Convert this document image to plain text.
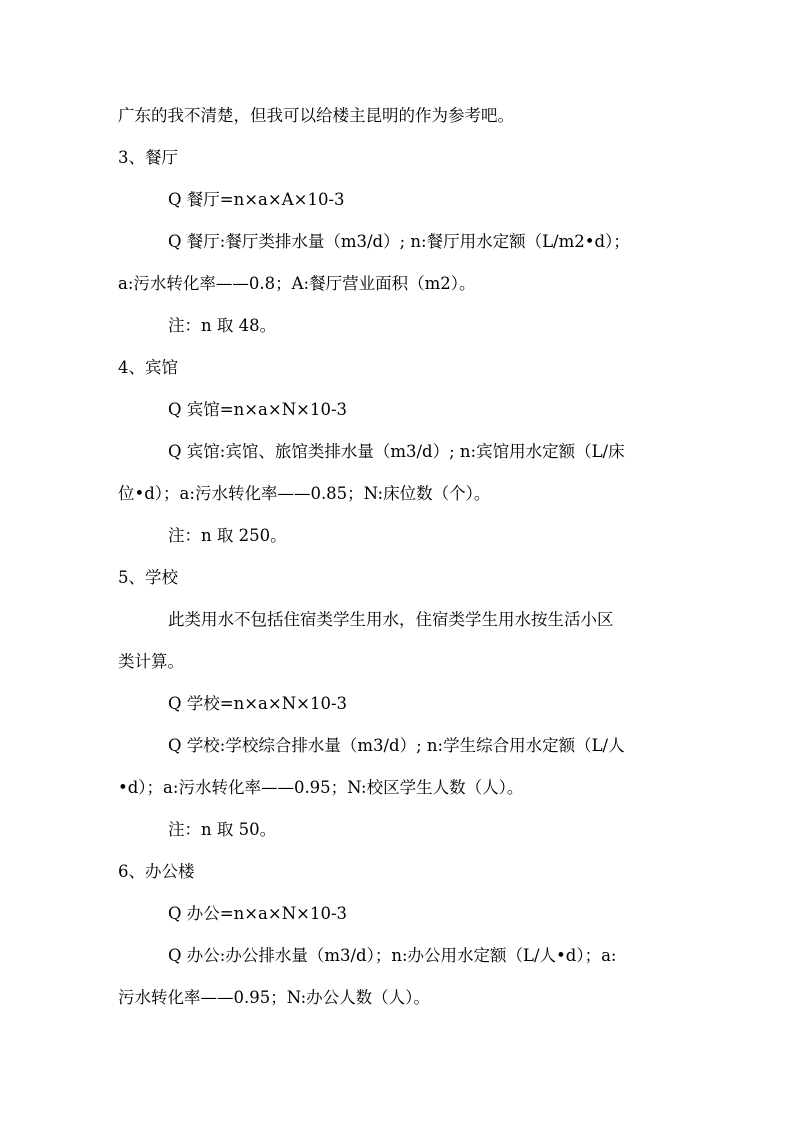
广东的我不清楚，但我可以给楼主昆明的作为参考吧。
3、餐厅
Q 餐厅=n×a×A×10-3
Q 餐厅:餐厅类排水量（m3/d）; n:餐厅用水定额（L/m2•d）；
a:污水转化率——0.8；A:餐厅营业面积（m2）。
注：n 取 48。
4、宾馆
Q 宾馆=n×a×N×10-3
Q 宾馆:宾馆、旅馆类排水量（m3/d）; n:宾馆用水定额（L/床
位•d）；a:污水转化率——0.85；N:床位数（个）。
注：n 取 250。
5、学校
此类用水不包括住宿类学生用水，住宿类学生用水按生活小区
类计算。
Q 学校=n×a×N×10-3
Q 学校:学校综合排水量（m3/d）; n:学生综合用水定额（L/人
•d）；a:污水转化率——0.95；N:校区学生人数（人）。
注：n 取 50。
6、办公楼
Q 办公=n×a×N×10-3
Q 办公:办公排水量（m3/d）；n:办公用水定额（L/人•d）；a:
污水转化率——0.95；N:办公人数（人）。
